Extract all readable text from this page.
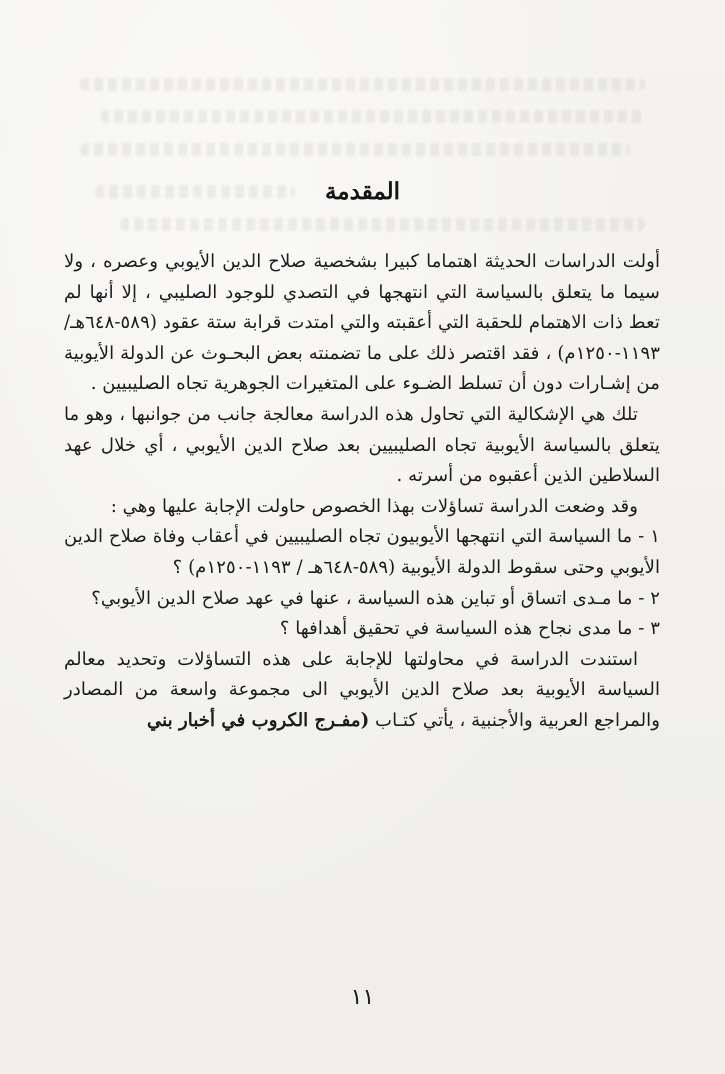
المقدمة

أولت الدراسات الحديثة اهتماما كبيرا بشخصية صلاح الدين الأيوبي وعصره ، ولا سيما ما يتعلق بالسياسة التي انتهجها في التصدي للوجود الصليبي ، إلا أنها لم تعط ذات الاهتمام للحقبة التي أعقبته والتي امتدت قرابة ستة عقود (٥٨٩-٦٤٨هـ/١١٩٣-١٢٥٠م) ، فقد اقتصر ذلك على ما تضمنته بعض البحـوث عن الدولة الأيوبية من إشـارات دون أن تسلط الضـوء على المتغيرات الجوهرية تجاه الصليبيين .

تلك هي الإشكالية التي تحاول هذه الدراسة معالجة جانب من جوانبها ، وهو ما يتعلق بالسياسة الأيوبية تجاه الصليبيين بعد صلاح الدين الأيوبي ، أي خلال عهد السلاطين الذين أعقبوه من أسرته .

وقد وضعت الدراسة تساؤلات بهذا الخصوص حاولت الإجابة عليها وهي :

١ - ما السياسة التي انتهجها الأيوبيون تجاه الصليبيين في أعقاب وفاة صلاح الدين الأيوبي وحتى سقوط الدولة الأيوبية (٥٨٩-٦٤٨هـ / ١١٩٣-١٢٥٠م) ؟

٢ - ما مـدى اتساق أو تباين هذه السياسة ، عنها في عهد صلاح الدين الأيوبي؟

٣ - ما مدى نجاح هذه السياسة في تحقيق أهدافها ؟

استندت الدراسة في محاولتها للإجابة على هذه التساؤلات وتحديد معالم السياسة الأيوبية بعد صلاح الدين الأيوبي الى مجموعة واسعة من المصادر والمراجع العربية والأجنبية ، يأتي كتـاب (مفـرج الكروب في أخبار بني

١١
